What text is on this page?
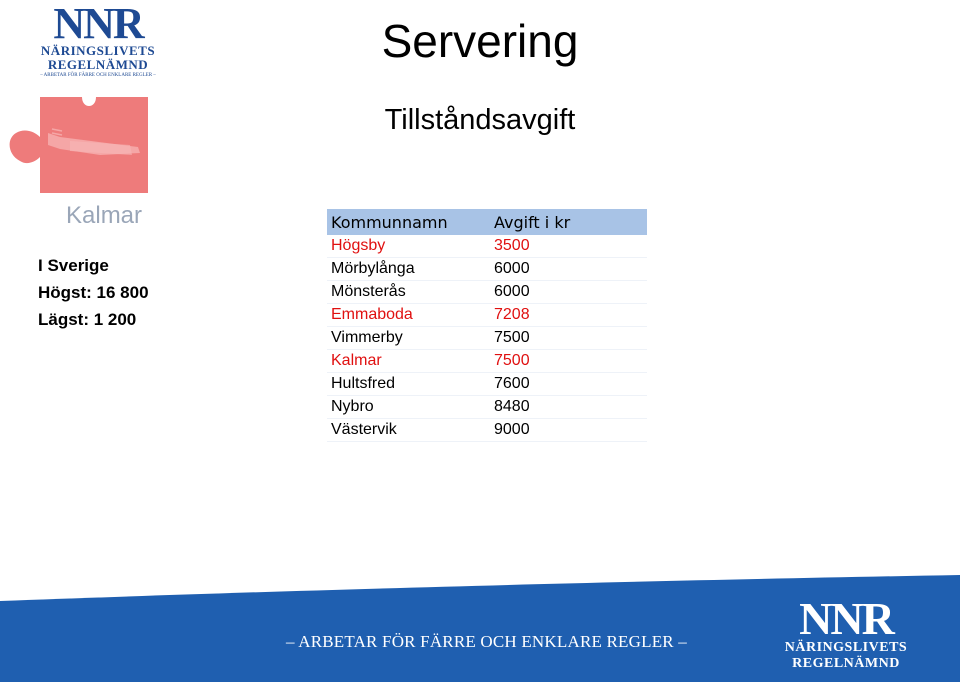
NNR
NÄRINGSLIVETS
REGELNÄMND
– ARBETAR FÖR FÄRRE OCH ENKLARE REGLER –
Servering
Tillståndsavgift
Kalmar
I Sverige
Högst: 16 800
Lägst: 1 200
Kommunnamn	Avgift i kr
Högsby	3500
Mörbylånga	6000
Mönsterås	6000
Emmaboda	7208
Vimmerby	7500
Kalmar	7500
Hultsfred	7600
Nybro	8480
Västervik	9000
– ARBETAR FÖR FÄRRE OCH ENKLARE REGLER –	NNR
NÄRINGSLIVETS
REGELNÄMND
